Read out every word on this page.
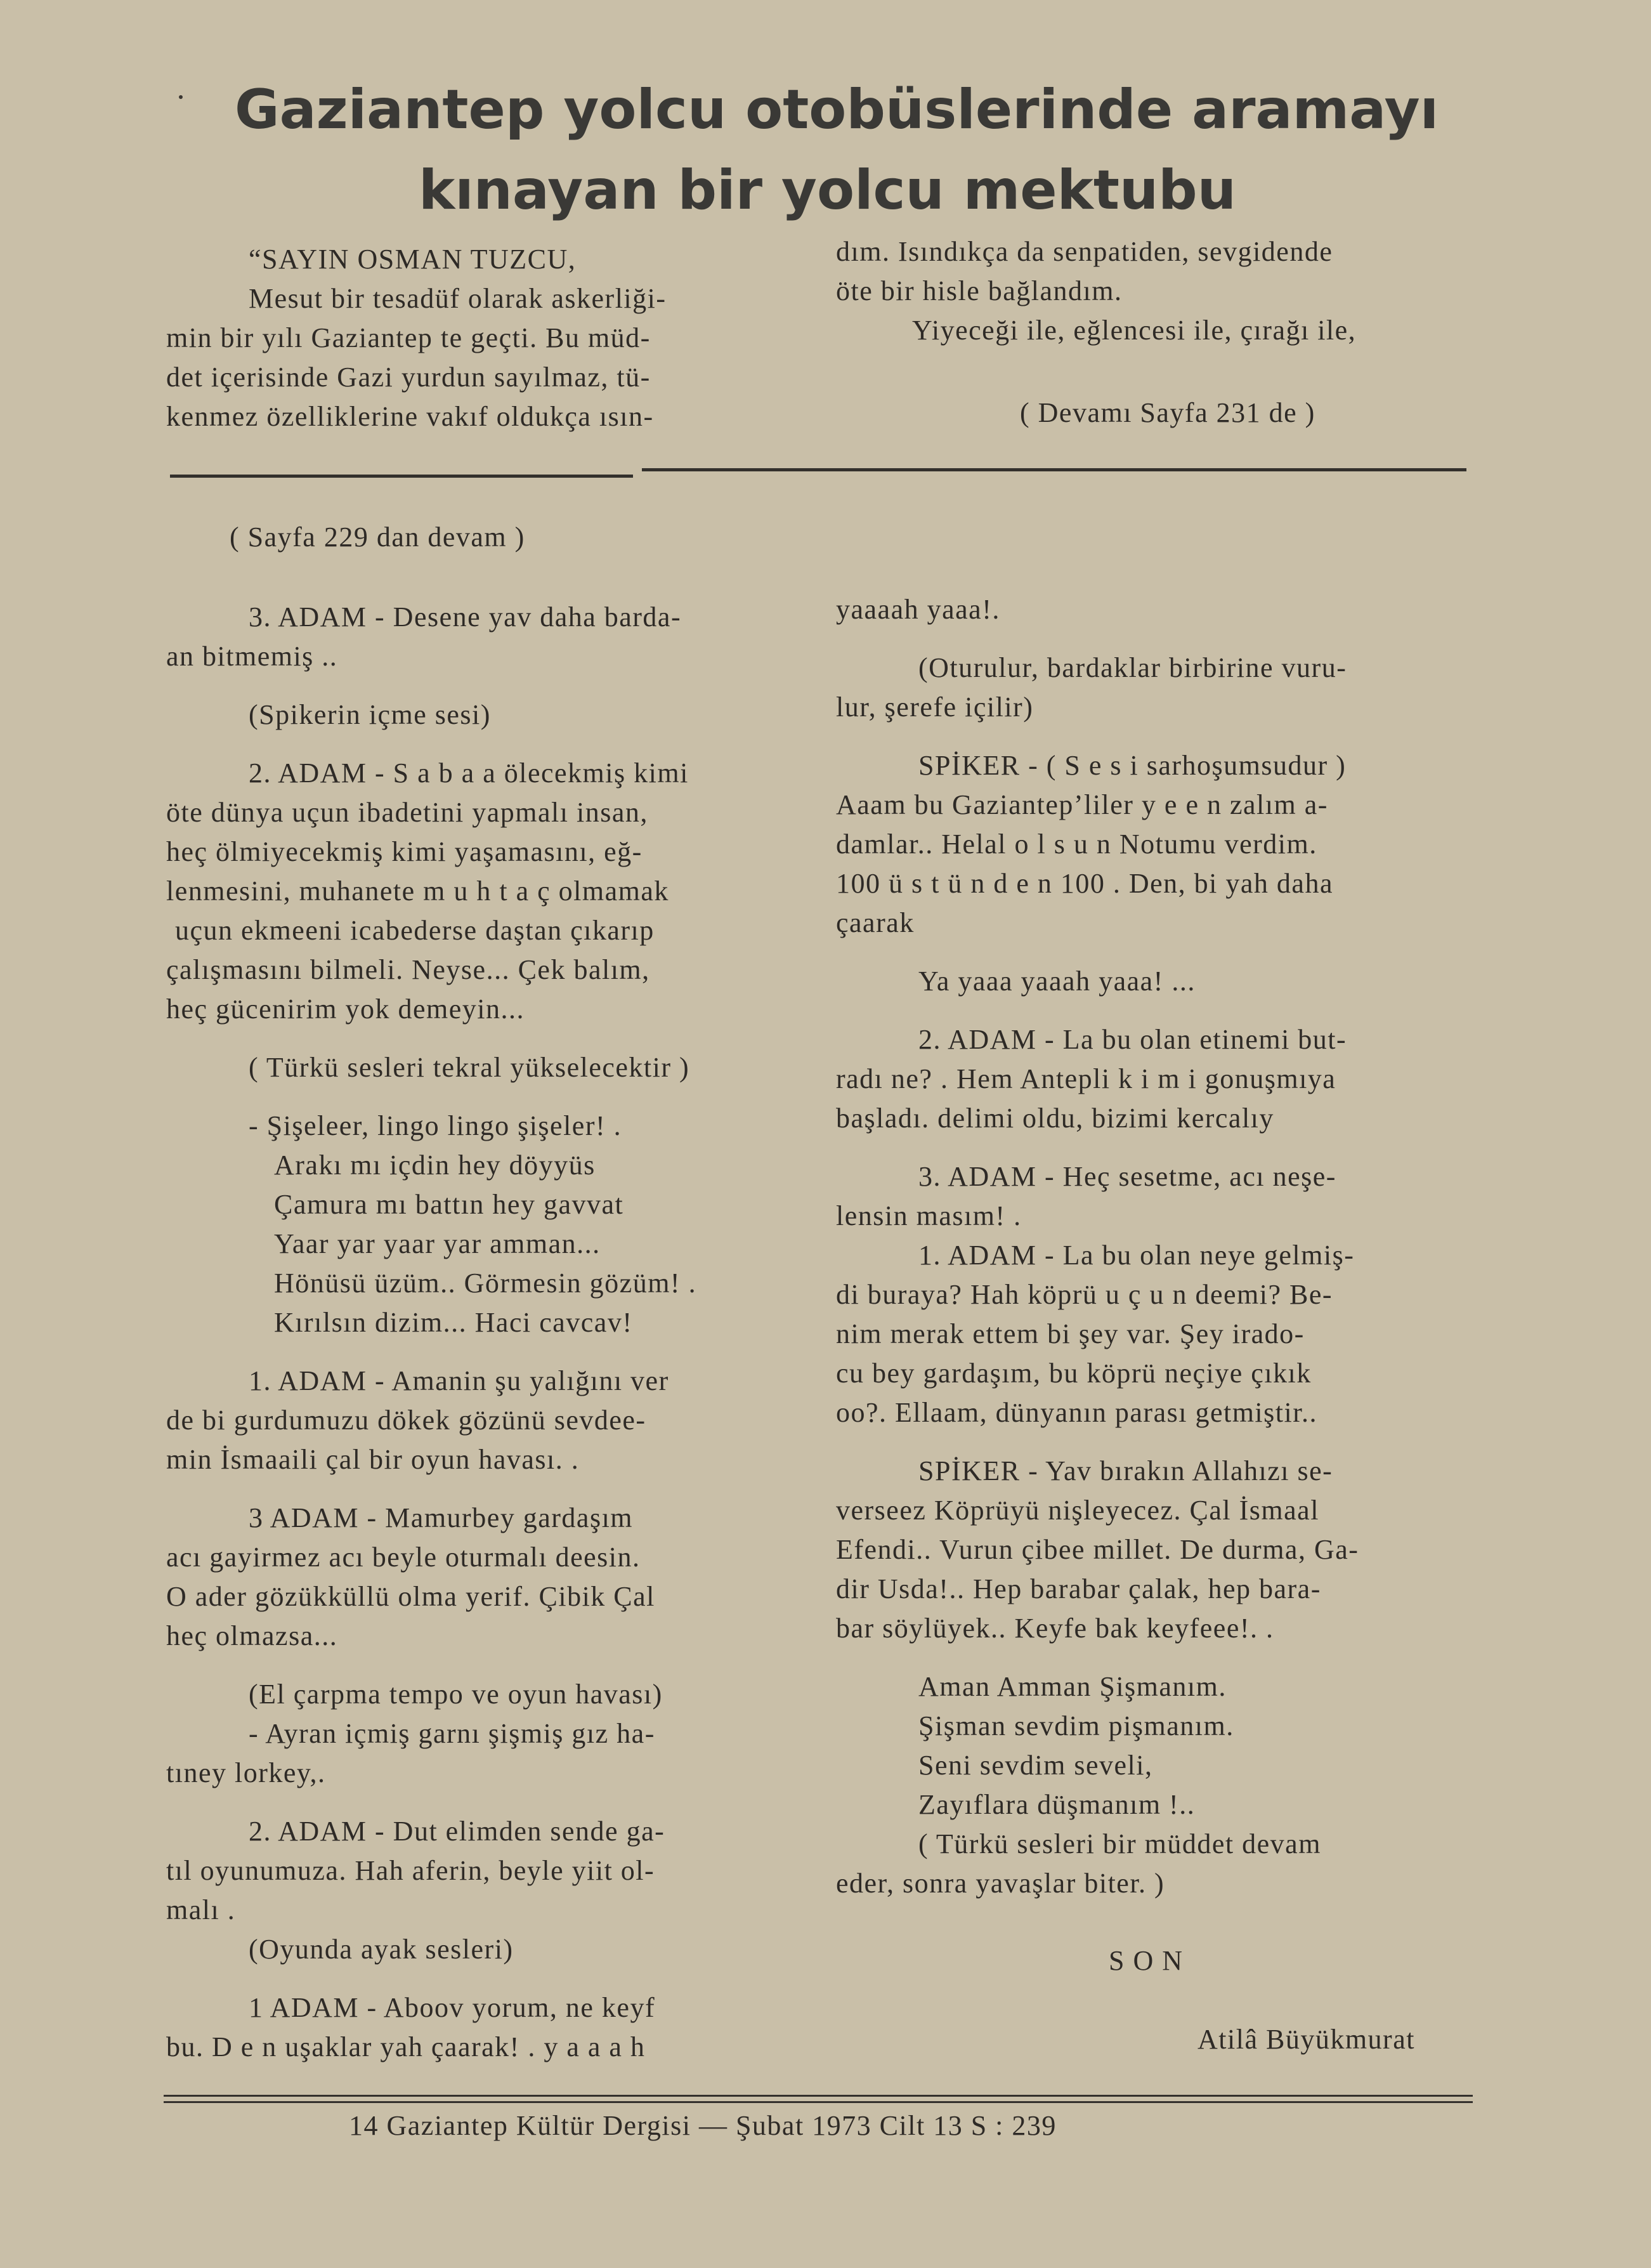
Gaziantep yolcu otobüslerinde aramayı
kınayan bir yolcu mektubu

“SAYIN OSMAN TUZCU,

Mesut bir tesadüf olarak askerliği-

min bir yılı Gaziantep te geçti. Bu müd-

det içerisinde Gazi yurdun sayılmaz, tü-

kenmez özelliklerine vakıf oldukça ısın-

dım. Isındıkça da senpatiden, sevgidende

öte bir hisle bağlandım.

Yiyeceği ile, eğlencesi ile, çırağı ile,

( Devamı Sayfa 231 de )
( Sayfa 229 dan devam )

3. ADAM - Desene yav daha barda-

an bitmemiş ..

(Spikerin içme sesi)

2. ADAM - S a b a a ölecekmiş kimi

öte dünya uçun ibadetini yapmalı insan,

heç ölmiyecekmiş kimi yaşamasını, eğ-

lenmesini, muhanete m u h t a ç olmamak

uçun ekmeeni icabederse daştan çıkarıp

çalışmasını bilmeli. Neyse... Çek balım,

heç gücenirim yok demeyin...

( Türkü sesleri tekral yükselecektir )

- Şişeleer, lingo lingo şişeler! .

Arakı mı içdin hey döyyüs

Çamura mı battın hey gavvat

Yaar yar yaar yar amman...

Hönüsü üzüm.. Görmesin gözüm! .

Kırılsın dizim... Haci cavcav!

1. ADAM - Amanin şu yalığını ver

de bi gurdumuzu dökek gözünü sevdee-

min İsmaaili çal bir oyun havası. .

3 ADAM - Mamurbey gardaşım

acı gayirmez acı beyle oturmalı deesin.

O ader gözükküllü olma yerif. Çibik Çal

heç olmazsa...

(El çarpma tempo ve oyun havası)

- Ayran içmiş garnı şişmiş gız ha-

tıney lorkey,.

2. ADAM - Dut elimden sende ga-

tıl oyunumuza. Hah aferin, beyle yiit ol-

malı .

(Oyunda ayak sesleri)

1 ADAM - Aboov yorum, ne keyf

bu. D e n uşaklar yah çaarak! . y a a a h

yaaaah yaaa!.

(Oturulur, bardaklar birbirine vuru-

lur, şerefe içilir)

SPİKER - ( S e s i sarhoşumsudur )

Aaam bu Gaziantep’liler y e e n zalım a-

damlar.. Helal o l s u n Notumu verdim.

100 ü s t ü n d e n 100 . Den, bi yah daha

çaarak

Ya yaaa yaaah yaaa! ...

2. ADAM - La bu olan etinemi but-

radı ne? . Hem Antepli k i m i gonuşmıya

başladı. delimi oldu, bizimi kercalıy

3. ADAM - Heç sesetme, acı neşe-

lensin masım! .

1. ADAM - La bu olan neye gelmiş-

di buraya? Hah köprü u ç u n deemi? Be-

nim merak ettem bi şey var. Şey irado-

cu bey gardaşım, bu köprü neçiye çıkık

oo?. Ellaam, dünyanın parası getmiştir..

SPİKER - Yav bırakın Allahızı se-

verseez Köprüyü nişleyecez. Çal İsmaal

Efendi.. Vurun çibee millet. De durma, Ga-

dir Usda!.. Hep barabar çalak, hep bara-

bar söylüyek.. Keyfe bak keyfeee!. .

Aman Amman Şişmanım.

Şişman sevdim pişmanım.

Seni sevdim seveli,

Zayıflara düşmanım !..

( Türkü sesleri bir müddet devam

eder, sonra yavaşlar biter. )

S O N
Atilâ Büyükmurat
14 Gaziantep Kültür Dergisi — Şubat 1973 Cilt 13 S : 239
